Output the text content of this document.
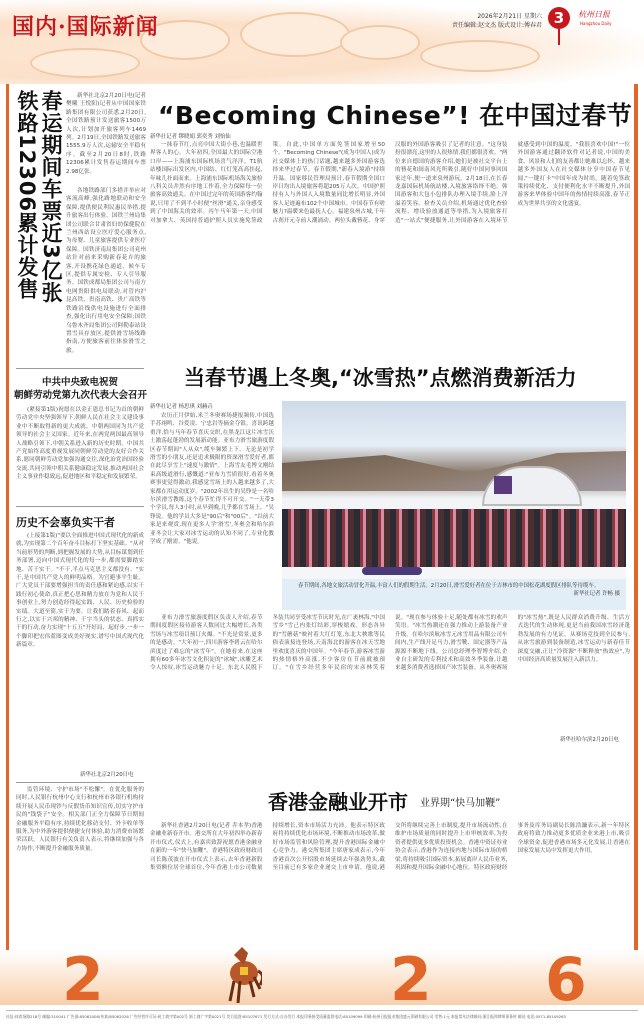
国内·国际新闻	2026年2月21日 星期六
责任编辑:赵文杰 版式设计:傅春君 3	杭州日报
Hangzhou Daily
铁路12306累计发售 春运期间车票近3亿张	新华社北京2月20日电(记者 樊曦 王悦阳)记者从中国国家铁路集团有限公司获悉,2月20日,全国铁路预计发送旅客1500万人次,计划加开旅客列车1469列。2月19日,全国铁路发送旅客1555.9万人次,运输安全平稳有序。截至2月20日8时,铁路12306累计发售春运期间车票2.98亿张。
各地铁路部门多措并举应对客流高峰,强化路地联动和安全保障,提供便民利民惠民举措,提升旅客出行体验。国铁兰州局集团公司联合甘肃省妇幼保健院在兰州西站设立医疗爱心服务点,为母婴、儿童旅客提供专业医疗保障。国铁济南局集团公司兖州站针对前来采购新春花卉的旅客,开设携花绿色通道、候车专区,提供专属安检、专人引导服务。国铁成都局集团公司与南方电网贵阳供电局联动,对管内沪昆高铁、贵南高铁、贵广高铁等铁路沿线供电设施进行全面排查,强化出行用电安全保障;国铁乌鲁木齐局集团公司阿勒泰站设置雪具存放区,提供滑雪场线路指南,方便旅客前往体验滑雪之旅。
中共中央致电祝贺
朝鲜劳动党第九次代表大会召开
(紧接第1版)祝愿在以金正恩总书记为首的朝鲜劳动党中央坚强领导下,朝鲜人民在社会主义建设事业中不断取得新的更大成就。中朝两国同为共产党领导的社会主义国家。近年来,在两党两国最高领导人战略引领下,中朝关系进入新的历史时期。中国共产党始终高度重视发展同朝鲜劳动党的友好合作关系,愿同朝鲜劳动党加强沟通交往,深化治党治国经验交流,共同引领中朝关系健康稳定发展,推动两国社会主义事业作稳致远,促进地区和平稳定和发展繁荣。
历史不会辜负实干者
(上接第1版)"要以全面推进中国式现代化的新成就,为实现第二个百年奋斗目标打下坚实基础。"从对当前形势的判断,到把握发展的大势,从目标谋划到任务部署,迈向中国式现代化的每一步,都需要脚踏实地、苦干实干。"不干,半点马克思主义都没有。"实干,是中国共产党人的鲜明品格。为官避事平生耻。广大党员干部要增强担当的责任感和紧迫感,以实干践行初心使命,真正把心思和精力放在为党和人民干事创业上,努力创造经得起实践、人民、历史检验的实绩。大道至简,实干为要。让我们踏着春风、起而行之,以实干兴邦的精神、干字当头的状态、真抓实干的行动,奋力实现"十五五"开好局、起好步,一步一个脚印把宏伟蓝图变成美好现实,谱写中国式现代化新篇章。
新华社北京2月20日电
监管环境、守护市场"不松懈"。在优化服务的同时,人民银行杭州中心支行和杭州市各银行机构持续开展人民币现钞与反假货币知识宣传,切实守护市民的"钱袋子"安全。相关部门正全力保障节日期间金融服务平稳有序,持续优化移动支付、外卡收单等服务,为中外游客提供便捷支付体验,助力消费市场繁荣活跃。人民银行有关负责人表示,将继续加强与各方协作,不断提升金融服务质量。
“Becoming Chinese”! 在中国过春节
新华社记者 缪晓娟 郭奕秀 刘怡仙
一抹春节红,点亮中国大街小巷,也温暖世界客人的心。大年初四,全国最大的国际空港口岸——上海浦东国际机场喜气洋洋。T1航站楼国际出发区内,中国结、红灯笼高高挂起,年味儿扑面而来。上海浦东国际机场海关旅检八科关员井然有序地工作着,全力保障每一位旅客高效通关。在中国过完年的英国游客约翰说,只用了不到半小时便"丝滑"通关,亲身感受到了中国海关的效率。丙午马年第一天,中国对加拿大、英国持普通护照人员实施免签政策。自此,中国单方面免签国家增至50个。"Becoming Chinese"(成为中国人)成为社交媒体上的热门话题,越来越多外国游客选择来华过春节。春节假期,"新春入境游"持续升温。国家移民管理局预计,春节假期全国口岸日均出入境旅客将超205万人次。中国护照持有人与外国人入境数量同比增长明显,外国客人足迹遍布102个中国城市。中国春节有啥魅力?温暖来色最抚人心。福建泉州古城,千年古刹开元寺前人潮涌动。两位头戴簪花、身穿汉服的外国游客吸引了记者的注意。"这身装扮很漂亮,这里的人很热情,我们都很喜欢。"两位来自德国的游客介绍,她们是被社交平台上的簪花和闽南风光所吸引,随好中国同事回国家过年,便一道来泉州游玩。2月18日,在长春龙嘉国际机场航站楼,入境旅客络绎不绝。韩国游客和大包小包排队办理入境手续,脸上洋溢着笑容。检查关员介绍,机场通过优化查验流程、增设验放通道等举措,为入境旅客打造"一站式"便捷服务,让外国游客在入境环节就感受到中国的温度。"我很喜欢中国!"一位外国游客通过翻译软件对记者说,中国的美食、风景和人们的友善都让她难以忘怀。越来越多外国友人在社交媒体分享中国春节见闻,"一键打卡"中国年成为时尚。随着免签政策持续优化、支付便利化水平不断提升,外国游客来华体验中国年的热情持续高涨,春节正成为世界共享的文化盛宴。
当春节遇上冬奥,“冰雪热”点燃消费新活力
新华社记者 杨思琪 刘赫垚
农历正月伊始,米兰冬奥赛场捷报频传,中国选手苏翊鸣、谷爱凌、宁忠岩等摘金夺银。喜讯跨越重洋,恰与马年春节喜庆交织,在黑龙江这片冰雪沃土激荡起蓬勃的发展新动能。亚布力滑雪旅游度假区春节期间"人从众",缆车频繁上下。无论是初学滑雪的小朋友,还是追求极限的资深滑雪爱好者,都在此尽享雪上"速度与激情"。上海雪友毛博文刚结束高级道滑行,感慨道:"亚布力雪质很好,看着冬奥赛事更觉得激动,我感觉雪场上的人越来越多了,大家都在用运动度岁。"2002年出生的吴铮是一名哈尔滨滑雪教练,这个春节忙得不可开交。"一天带3个学员,每人3小时,从早到晚,几乎都在雪场上。"吴铮说。他的学员大多是"90后"和"00后"。"以前大家是来观赏,现在更多人学'滑雪',冬奥会和哈尔滨亚冬会让大家对冰雪运动的认知不同了,专业化教学成了刚需。"他说。
春节期间,各地文旅活动冒化升温,丰富人们的假期生活。2月20日,滑雪爱好者在位于吉林市的中国松花湖度假区排队等待缆车。
新华社记者 许畅 摄
亚布力滑雪旅游度假区负责人介绍,春节期间度假区接待游客人数同比大幅增长,各类雪场与冰雪项目预订火爆。"不光是赏景,更多的是感动。"大年初一,四川游客李碧云在哈尔滨度过了难忘的"冰雪年"。在她看来,在这座拥有60多年冰雪文化积淀的"冰城",冰雕艺术令人惊叹,冰雪运动魅力十足。东北人民脱下冬装共同享受冰雪节庆时光,在广袤林海,"中国雪乡"雪己内张灯结彩,穿梭嬉戏。形态各异的"雪蘑菇"映衬着大红灯笼,东北大秧歌等民俗表演接连登场,天南海北的游客在冰天雪地里欢度喜庆的中国年。"今年春节,游客冰雪游的热情格外高涨,不少客房在节前就被预订。"在雪乡经营多年民宿的宋彦林笑着说。"现在参与体验十足,随处都有冰雪的欢声笑语。"冰雪热潮还在强力推动上游装备产业升级。在哈尔滨航冰雪元冰雪用品有限公司车间内,生产线开足马力,滑雪靴、固定器等产品源源不断地下线。公司总经理李智博介绍,企业自主研发的专利技术和高效冬季装备,让越来越多消费者选择国产冰雪装备。从冬奥赛场的"冰雪热",既是人民群众消费升级、生活方式迭代的生动体现,更是当前我国冰雪经济蓬勃发展的有力见证。从赛场竞技到全民参与,从冰雪旅游到装备制造,冰雪运动与新春佳节深度交融,正让"冷资源"不断释放"热效应",为中国经济高质量发展注入新活力。
新华社哈尔滨2月20日电
香港金融业开市 业界期“快马加鞭”
新华社香港2月20日电(记者 乔本孝)香港金融业新春开市。港交所在大年初四举办新春开市仪式,仪式上,有嘉宾致辞祝愿香港金融业在新的一年"快马加鞭"。香港特区政府财政司司长陈茂波在开市仪式上表示,去年香港新股集资额位居全球首位,今年香港上市公司数量持续增长,资本市场活力充沛。他表示特区政府将持续优化市场环境,不断推动市场改革,做好市场监管和风险管理,提升香港国际金融中心竞争力。港交所集团主席唐家成表示,今年香港首次公开招股市场延续去年强劲势头,截至目前已有多家企业递交上市申请。他说,港交所将继续完善上市制度,提升市场流动性,在维护市场质量的同时提升上市审核效率,为投资者提供更多优质投资机会。香港中资证券业协会表示,香港作为连接内地与国际市场的桥梁,将持续吸引国际资本,拓展离岸人民币业务,巩固和提升国际金融中心地位。特区政府财经事务及库务局副局长陈浩濂表示,新一年特区政府将致力推动更多优质企业来港上市,吸引全球资金,促进香港市场多元化发展,让香港在国家发展大局中发挥更大作用。
2	2 6
社址:体育场路218号 邮编:310041 广告部:85062006(传真)85062026 广告经营许可证:杭工商字第002号 浙工商广字第0021号 发行监督:85107671 发行方式:自办发行 本报印务接受质量监督电话:85109099 印刷:杭州日报报业集团盛元印刷有限公司 零售:1元 本报常年法律顾问:浙江振邦律师事务所 邮局 电话:0571-85109263
